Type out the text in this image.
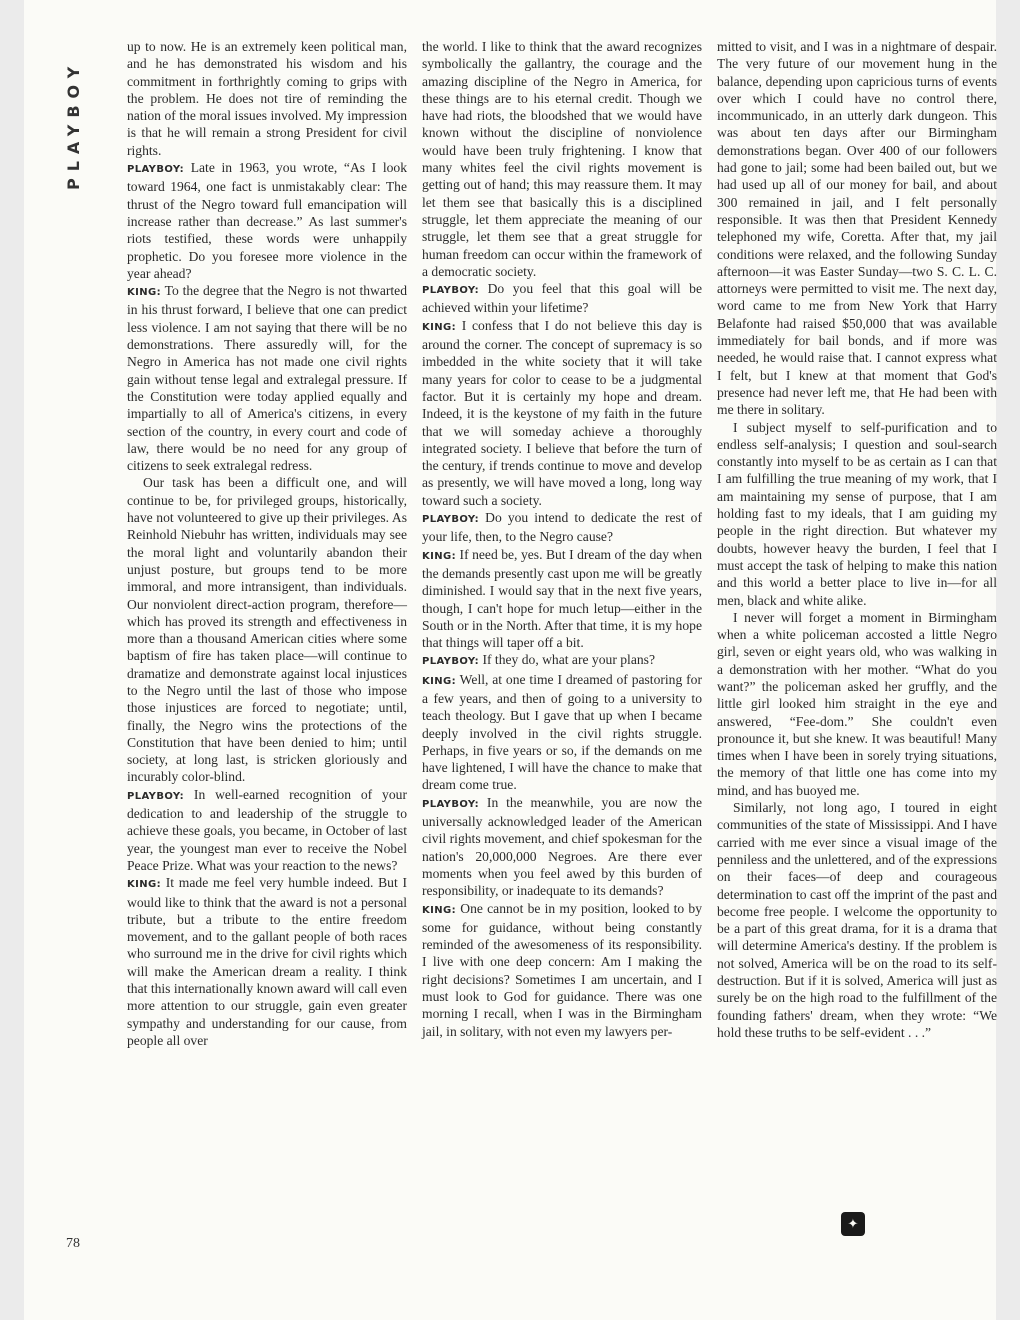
PLAYBOY

up to now. He is an extremely keen political man, and he has demonstrated his wisdom and his commitment in forthrightly coming to grips with the problem. He does not tire of reminding the nation of the moral issues involved. My impression is that he will remain a strong President for civil rights.

PLAYBOY: Late in 1963, you wrote, “As I look toward 1964, one fact is unmistakably clear: The thrust of the Negro toward full emancipation will increase rather than decrease.” As last summer's riots testified, these words were unhappily prophetic. Do you foresee more violence in the year ahead?

KING: To the degree that the Negro is not thwarted in his thrust forward, I believe that one can predict less violence. I am not saying that there will be no demonstrations. There assuredly will, for the Negro in America has not made one civil rights gain without tense legal and extralegal pressure. If the Constitution were today applied equally and impartially to all of America's citizens, in every section of the country, in every court and code of law, there would be no need for any group of citizens to seek extralegal redress.

Our task has been a difficult one, and will continue to be, for privileged groups, historically, have not volunteered to give up their privileges. As Reinhold Niebuhr has written, individuals may see the moral light and voluntarily abandon their unjust posture, but groups tend to be more immoral, and more intransigent, than individuals. Our nonviolent direct-action program, therefore—which has proved its strength and effectiveness in more than a thousand American cities where some baptism of fire has taken place—will continue to dramatize and demonstrate against local injustices to the Negro until the last of those who impose those injustices are forced to negotiate; until, finally, the Negro wins the protections of the Constitution that have been denied to him; until society, at long last, is stricken gloriously and incurably color-blind.

PLAYBOY: In well-earned recognition of your dedication to and leadership of the struggle to achieve these goals, you became, in October of last year, the youngest man ever to receive the Nobel Peace Prize. What was your reaction to the news?

KING: It made me feel very humble indeed. But I would like to think that the award is not a personal tribute, but a tribute to the entire freedom movement, and to the gallant people of both races who surround me in the drive for civil rights which will make the American dream a reality. I think that this internationally known award will call even more attention to our struggle, gain even greater sympathy and understanding for our cause, from people all over

the world. I like to think that the award recognizes symbolically the gallantry, the courage and the amazing discipline of the Negro in America, for these things are to his eternal credit. Though we have had riots, the bloodshed that we would have known without the discipline of nonviolence would have been truly frightening. I know that many whites feel the civil rights movement is getting out of hand; this may reassure them. It may let them see that basically this is a disciplined struggle, let them appreciate the meaning of our struggle, let them see that a great struggle for human freedom can occur within the framework of a democratic society.

PLAYBOY: Do you feel that this goal will be achieved within your lifetime?

KING: I confess that I do not believe this day is around the corner. The concept of supremacy is so imbedded in the white society that it will take many years for color to cease to be a judgmental factor. But it is certainly my hope and dream. Indeed, it is the keystone of my faith in the future that we will someday achieve a thoroughly integrated society. I believe that before the turn of the century, if trends continue to move and develop as presently, we will have moved a long, long way toward such a society.

PLAYBOY: Do you intend to dedicate the rest of your life, then, to the Negro cause?

KING: If need be, yes. But I dream of the day when the demands presently cast upon me will be greatly diminished. I would say that in the next five years, though, I can't hope for much letup—either in the South or in the North. After that time, it is my hope that things will taper off a bit.

PLAYBOY: If they do, what are your plans?

KING: Well, at one time I dreamed of pastoring for a few years, and then of going to a university to teach theology. But I gave that up when I became deeply involved in the civil rights struggle. Perhaps, in five years or so, if the demands on me have lightened, I will have the chance to make that dream come true.

PLAYBOY: In the meanwhile, you are now the universally acknowledged leader of the American civil rights movement, and chief spokesman for the nation's 20,000,000 Negroes. Are there ever moments when you feel awed by this burden of responsibility, or inadequate to its demands?

KING: One cannot be in my position, looked to by some for guidance, without being constantly reminded of the awesomeness of its responsibility. I live with one deep concern: Am I making the right decisions? Sometimes I am uncertain, and I must look to God for guidance. There was one morning I recall, when I was in the Birmingham jail, in solitary, with not even my lawyers per-

mitted to visit, and I was in a nightmare of despair. The very future of our movement hung in the balance, depending upon capricious turns of events over which I could have no control there, incommunicado, in an utterly dark dungeon. This was about ten days after our Birmingham demonstrations began. Over 400 of our followers had gone to jail; some had been bailed out, but we had used up all of our money for bail, and about 300 remained in jail, and I felt personally responsible. It was then that President Kennedy telephoned my wife, Coretta. After that, my jail conditions were relaxed, and the following Sunday afternoon—it was Easter Sunday—two S. C. L. C. attorneys were permitted to visit me. The next day, word came to me from New York that Harry Belafonte had raised $50,000 that was available immediately for bail bonds, and if more was needed, he would raise that. I cannot express what I felt, but I knew at that moment that God's presence had never left me, that He had been with me there in solitary.

I subject myself to self-purification and to endless self-analysis; I question and soul-search constantly into myself to be as certain as I can that I am fulfilling the true meaning of my work, that I am maintaining my sense of purpose, that I am holding fast to my ideals, that I am guiding my people in the right direction. But whatever my doubts, however heavy the burden, I feel that I must accept the task of helping to make this nation and this world a better place to live in—for all men, black and white alike.

I never will forget a moment in Birmingham when a white policeman accosted a little Negro girl, seven or eight years old, who was walking in a demonstration with her mother. “What do you want?” the policeman asked her gruffly, and the little girl looked him straight in the eye and answered, “Fee-dom.” She couldn't even pronounce it, but she knew. It was beautiful! Many times when I have been in sorely trying situations, the memory of that little one has come into my mind, and has buoyed me.

Similarly, not long ago, I toured in eight communities of the state of Mississippi. And I have carried with me ever since a visual image of the penniless and the unlettered, and of the expressions on their faces—of deep and courageous determination to cast off the imprint of the past and become free people. I welcome the opportunity to be a part of this great drama, for it is a drama that will determine America's destiny. If the problem is not solved, America will be on the road to its self-destruction. But if it is solved, America will just as surely be on the high road to the fulfillment of the founding fathers' dream, when they wrote: “We hold these truths to be self-evident . . .”

78
✦
